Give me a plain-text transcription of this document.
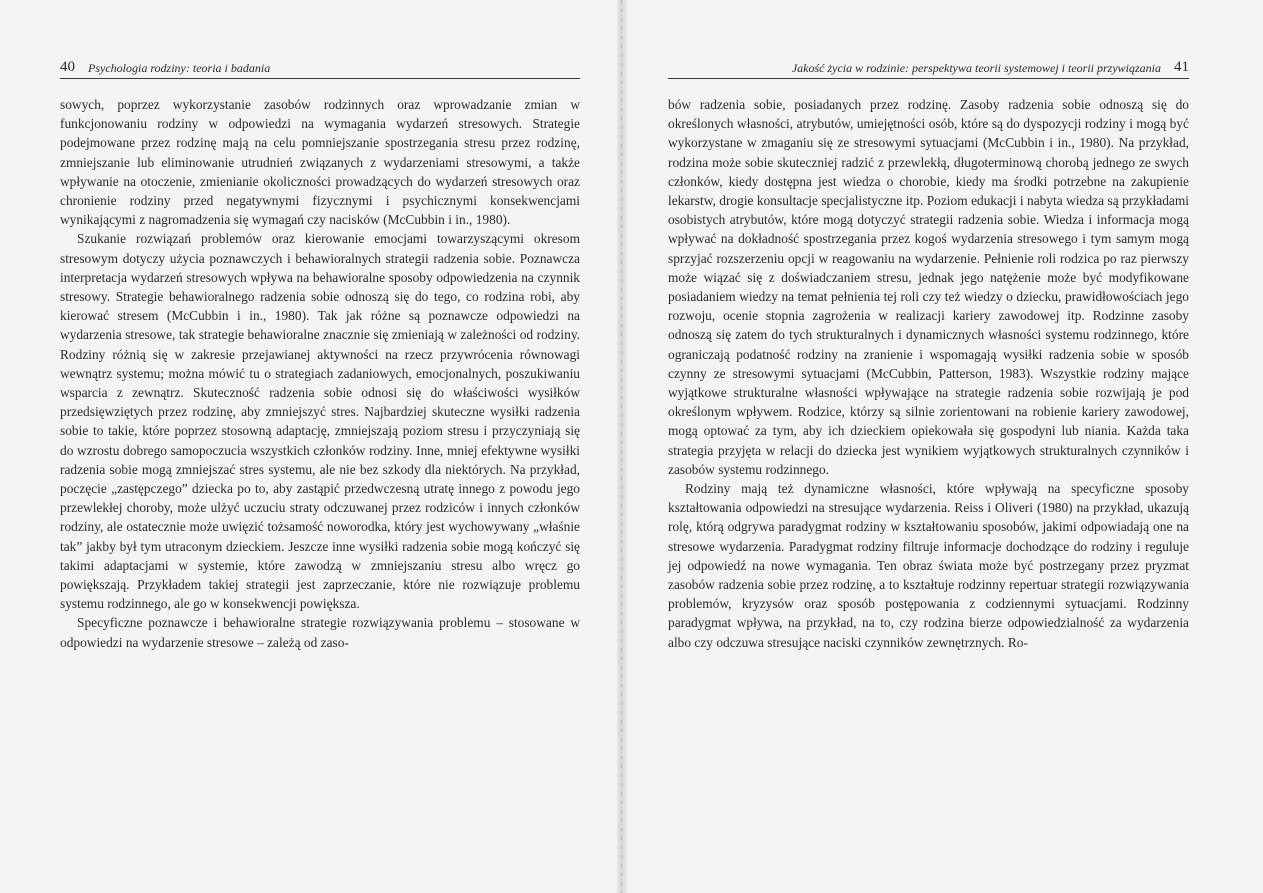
40 Psychologia rodziny: teoria i badania

sowych, poprzez wykorzystanie zasobów rodzinnych oraz wprowadzanie zmian w funkcjonowaniu rodziny w odpowiedzi na wymagania wydarzeń stresowych. Strategie podejmowane przez rodzinę mają na celu pomniejszanie spostrzegania stresu przez rodzinę, zmniejszanie lub eliminowanie utrudnień związanych z wydarzeniami stresowymi, a także wpływanie na otoczenie, zmienianie okoliczności prowadzących do wydarzeń stresowych oraz chronienie rodziny przed negatywnymi fizycznymi i psychicznymi konsekwencjami wynikającymi z nagromadzenia się wymagań czy nacisków (McCubbin i in., 1980).

Szukanie rozwiązań problemów oraz kierowanie emocjami towarzyszącymi okresom stresowym dotyczy użycia poznawczych i behawioralnych strategii radzenia sobie. Poznawcza interpretacja wydarzeń stresowych wpływa na behawioralne sposoby odpowiedzenia na czynnik stresowy. Strategie behawioralnego radzenia sobie odnoszą się do tego, co rodzina robi, aby kierować stresem (McCubbin i in., 1980). Tak jak różne są poznawcze odpowiedzi na wydarzenia stresowe, tak strategie behawioralne znacznie się zmieniają w zależności od rodziny. Rodziny różnią się w zakresie przejawianej aktywności na rzecz przywrócenia równowagi wewnątrz systemu; można mówić tu o strategiach zadaniowych, emocjonalnych, poszukiwaniu wsparcia z zewnątrz. Skuteczność radzenia sobie odnosi się do właściwości wysiłków przedsięwziętych przez rodzinę, aby zmniejszyć stres. Najbardziej skuteczne wysiłki radzenia sobie to takie, które poprzez stosowną adaptację, zmniejszają poziom stresu i przyczyniają się do wzrostu dobrego samopoczucia wszystkich członków rodziny. Inne, mniej efektywne wysiłki radzenia sobie mogą zmniejszać stres systemu, ale nie bez szkody dla niektórych. Na przykład, poczęcie „zastępczego” dziecka po to, aby zastąpić przedwczesną utratę innego z powodu jego przewlekłej choroby, może ulżyć uczuciu straty odczuwanej przez rodziców i innych członków rodziny, ale ostatecznie może uwięzić tożsamość noworodka, który jest wychowywany „właśnie tak” jakby był tym utraconym dzieckiem. Jeszcze inne wysiłki radzenia sobie mogą kończyć się takimi adaptacjami w systemie, które zawodzą w zmniejszaniu stresu albo wręcz go powiększają. Przykładem takiej strategii jest zaprzeczanie, które nie rozwiązuje problemu systemu rodzinnego, ale go w konsekwencji powiększa.

Specyficzne poznawcze i behawioralne strategie rozwiązywania problemu – stosowane w odpowiedzi na wydarzenie stresowe – zależą od zaso-

Jakość życia w rodzinie: perspektywa teorii systemowej i teorii przywiązania 41

bów radzenia sobie, posiadanych przez rodzinę. Zasoby radzenia sobie odnoszą się do określonych własności, atrybutów, umiejętności osób, które są do dyspozycji rodziny i mogą być wykorzystane w zmaganiu się ze stresowymi sytuacjami (McCubbin i in., 1980). Na przykład, rodzina może sobie skuteczniej radzić z przewlekłą, długoterminową chorobą jednego ze swych członków, kiedy dostępna jest wiedza o chorobie, kiedy ma środki potrzebne na zakupienie lekarstw, drogie konsultacje specjalistyczne itp. Poziom edukacji i nabyta wiedza są przykładami osobistych atrybutów, które mogą dotyczyć strategii radzenia sobie. Wiedza i informacja mogą wpływać na dokładność spostrzegania przez kogoś wydarzenia stresowego i tym samym mogą sprzyjać rozszerzeniu opcji w reagowaniu na wydarzenie. Pełnienie roli rodzica po raz pierwszy może wiązać się z doświadczaniem stresu, jednak jego natężenie może być modyfikowane posiadaniem wiedzy na temat pełnienia tej roli czy też wiedzy o dziecku, prawidłowościach jego rozwoju, ocenie stopnia zagrożenia w realizacji kariery zawodowej itp. Rodzinne zasoby odnoszą się zatem do tych strukturalnych i dynamicznych własności systemu rodzinnego, które ograniczają podatność rodziny na zranienie i wspomagają wysiłki radzenia sobie w sposób czynny ze stresowymi sytuacjami (McCubbin, Patterson, 1983). Wszystkie rodziny mające wyjątkowe strukturalne własności wpływające na strategie radzenia sobie rozwijają je pod określonym wpływem. Rodzice, którzy są silnie zorientowani na robienie kariery zawodowej, mogą optować za tym, aby ich dzieckiem opiekowała się gospodyni lub niania. Każda taka strategia przyjęta w relacji do dziecka jest wynikiem wyjątkowych strukturalnych czynników i zasobów systemu rodzinnego.

Rodziny mają też dynamiczne własności, które wpływają na specyficzne sposoby kształtowania odpowiedzi na stresujące wydarzenia. Reiss i Oliveri (1980) na przykład, ukazują rolę, którą odgrywa paradygmat rodziny w kształtowaniu sposobów, jakimi odpowiadają one na stresowe wydarzenia. Paradygmat rodziny filtruje informacje dochodzące do rodziny i reguluje jej odpowiedź na nowe wymagania. Ten obraz świata może być postrzegany przez pryzmat zasobów radzenia sobie przez rodzinę, a to kształtuje rodzinny repertuar strategii rozwiązywania problemów, kryzysów oraz sposób postępowania z codziennymi sytuacjami. Rodzinny paradygmat wpływa, na przykład, na to, czy rodzina bierze odpowiedzialność za wydarzenia albo czy odczuwa stresujące naciski czynników zewnętrznych. Ro-
